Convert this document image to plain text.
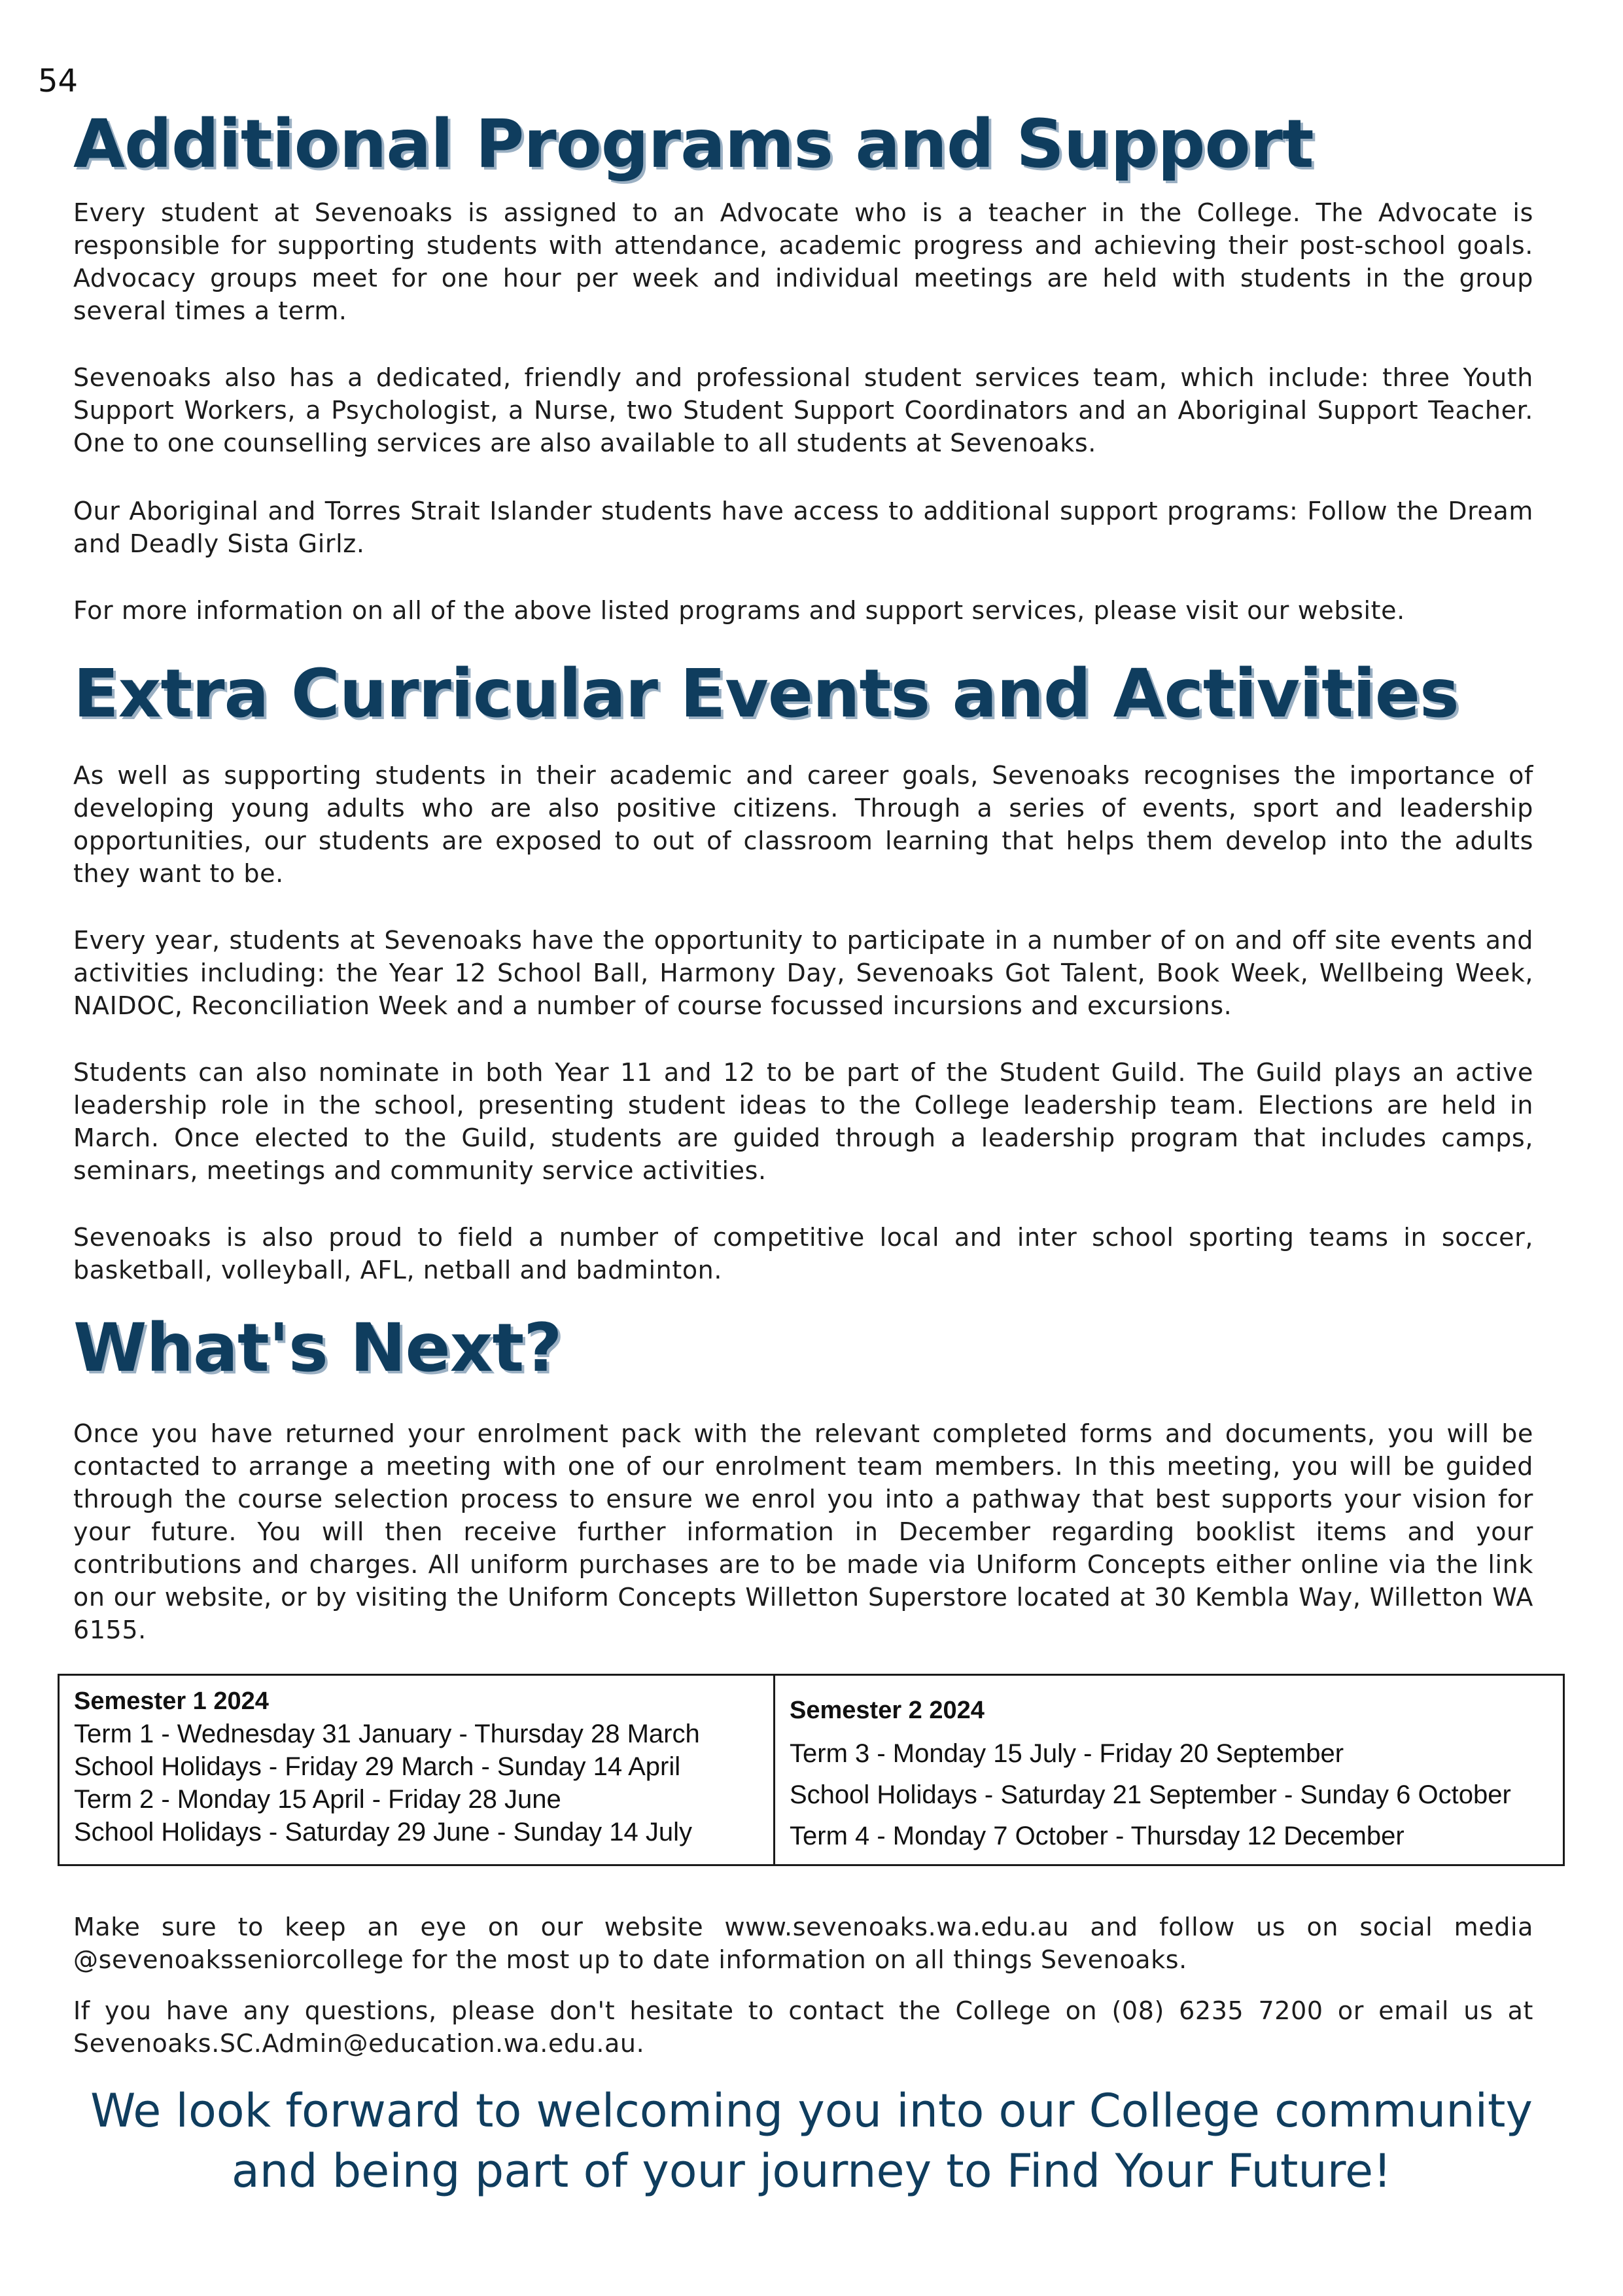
54
Additional Programs and Support

Every student at Sevenoaks is assigned to an Advocate who is a teacher in the College. The Advocate is responsible for supporting students with attendance, academic progress and achieving their post-school goals. Advocacy groups meet for one hour per week and individual meetings are held with students in the group several times a term.

Sevenoaks also has a dedicated, friendly and professional student services team, which include: three Youth Support Workers, a Psychologist, a Nurse, two Student Support Coordinators and an Aboriginal Support Teacher. One to one counselling services are also available to all students at Sevenoaks.

Our Aboriginal and Torres Strait Islander students have access to additional support programs: Follow the Dream and Deadly Sista Girlz.

For more information on all of the above listed programs and support services, please visit our website.

Extra Curricular Events and Activities

As well as supporting students in their academic and career goals, Sevenoaks recognises the importance of developing young adults who are also positive citizens. Through a series of events, sport and leadership opportunities, our students are exposed to out of classroom learning that helps them develop into the adults they want to be.

Every year, students at Sevenoaks have the opportunity to participate in a number of on and off site events and activities including: the Year 12 School Ball, Harmony Day, Sevenoaks Got Talent, Book Week, Wellbeing Week, NAIDOC, Reconciliation Week and a number of course focussed incursions and excursions.

Students can also nominate in both Year 11 and 12 to be part of the Student Guild. The Guild plays an active leadership role in the school, presenting student ideas to the College leadership team. Elections are held in March. Once elected to the Guild, students are guided through a leadership program that includes camps, seminars, meetings and community service activities.

Sevenoaks is also proud to field a number of competitive local and inter school sporting teams in soccer, basketball, volleyball, AFL, netball and badminton.

What's Next?

Once you have returned your enrolment pack with the relevant completed forms and documents, you will be contacted to arrange a meeting with one of our enrolment team members. In this meeting, you will be guided through the course selection process to ensure we enrol you into a pathway that best supports your vision for your future. You will then receive further information in December regarding booklist items and your contributions and charges. All uniform purchases are to be made via Uniform Concepts either online via the link on our website, or by visiting the Uniform Concepts Willetton Superstore located at 30 Kembla Way, Willetton WA 6155.

Semester 1 2024
Term 1 - Wednesday 31 January - Thursday 28 March
School Holidays - Friday 29 March - Sunday 14 April
Term 2 - Monday 15 April - Friday 28 June
School Holidays - Saturday 29 June - Sunday 14 July
Semester 2 2024
Term 3 - Monday 15 July - Friday 20 September
School Holidays - Saturday 21 September - Sunday 6 October
Term 4 - Monday 7 October - Thursday 12 December

Make sure to keep an eye on our website www.sevenoaks.wa.edu.au and follow us on social media @sevenoakssenior​college for the most up to date information on all things Sevenoaks.

If you have any questions, please don't hesitate to contact the College on (08) 6235 7200 or email us at Sevenoaks.SC.Admin@education.wa.edu.au.

We look forward to welcoming you into our College community
and being part of your journey to Find Your Future!
